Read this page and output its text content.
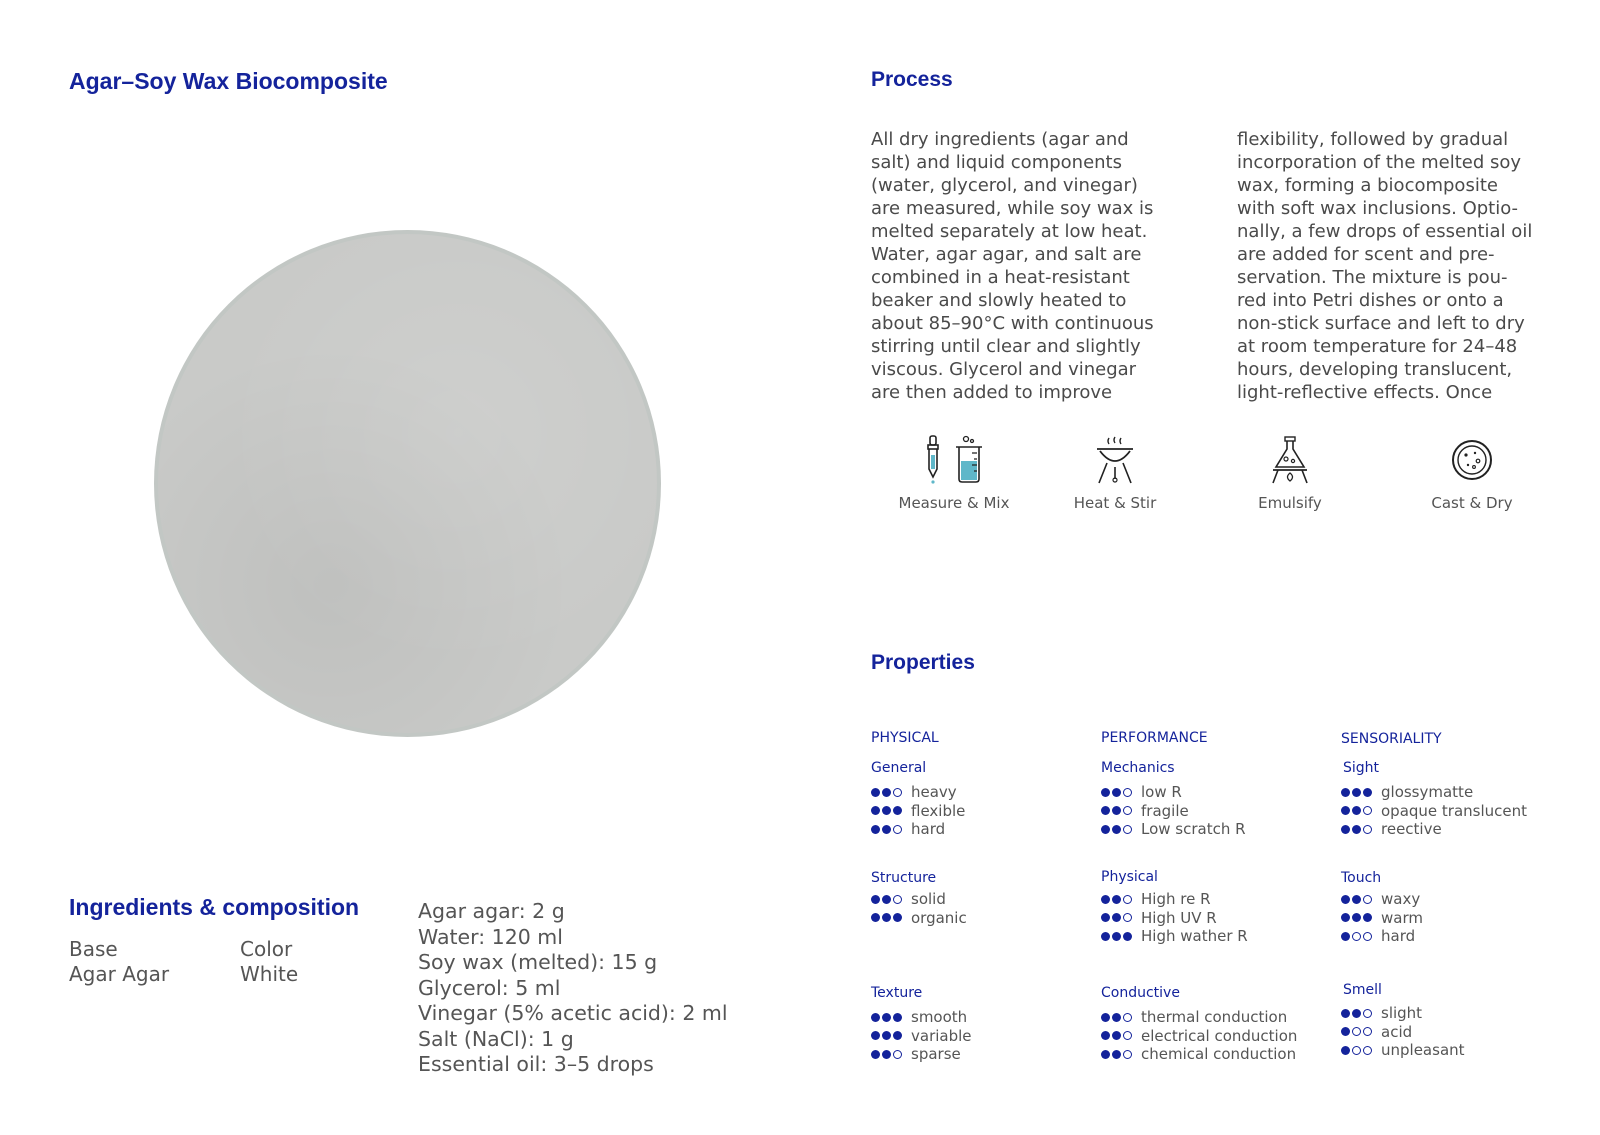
Agar–Soy Wax Biocomposite	Process

All dry ingredients (agar and
salt) and liquid components
(water, glycerol, and vinegar)
are measured, while soy wax is
melted separately at low heat.
Water, agar agar, and salt are
combined in a heat-resistant
beaker and slowly heated to
about 85–90°C with continuous
stirring until clear and slightly
viscous. Glycerol and vinegar
are then added to improve

flexibility, followed by gradual
incorporation of the melted soy
wax, forming a biocomposite
with soft wax inclusions. Optio-
nally, a few drops of essential oil
are added for scent and pre-
servation. The mixture is pou-
red into Petri dishes or onto a
non-stick surface and left to dry
at room temperature for 24–48
hours, developing translucent,
light-reflective effects. Once

Measure & Mix	Heat & Stir	Emulsify	Cast & Dry
Properties
PHYSICAL
General
heavy
flexible
hard
Structure
solid
organic
Texture
smooth
variable
sparse
PERFORMANCE
Mechanics
low R
fragile
Low scratch R
Physical
High re R
High UV R
High wather R
Conductive
thermal conduction
electrical conduction
chemical conduction
SENSORIALITY
Sight
glossymatte
opaque translucent
reective
Touch
waxy
warm
hard
Smell
slight
acid
unpleasant
Ingredients & composition
Base
Agar Agar
Color
White
Agar agar: 2 g
Water: 120 ml
Soy wax (melted): 15 g
Glycerol: 5 ml
Vinegar (5% acetic acid): 2 ml
Salt (NaCl): 1 g
Essential oil: 3–5 drops
